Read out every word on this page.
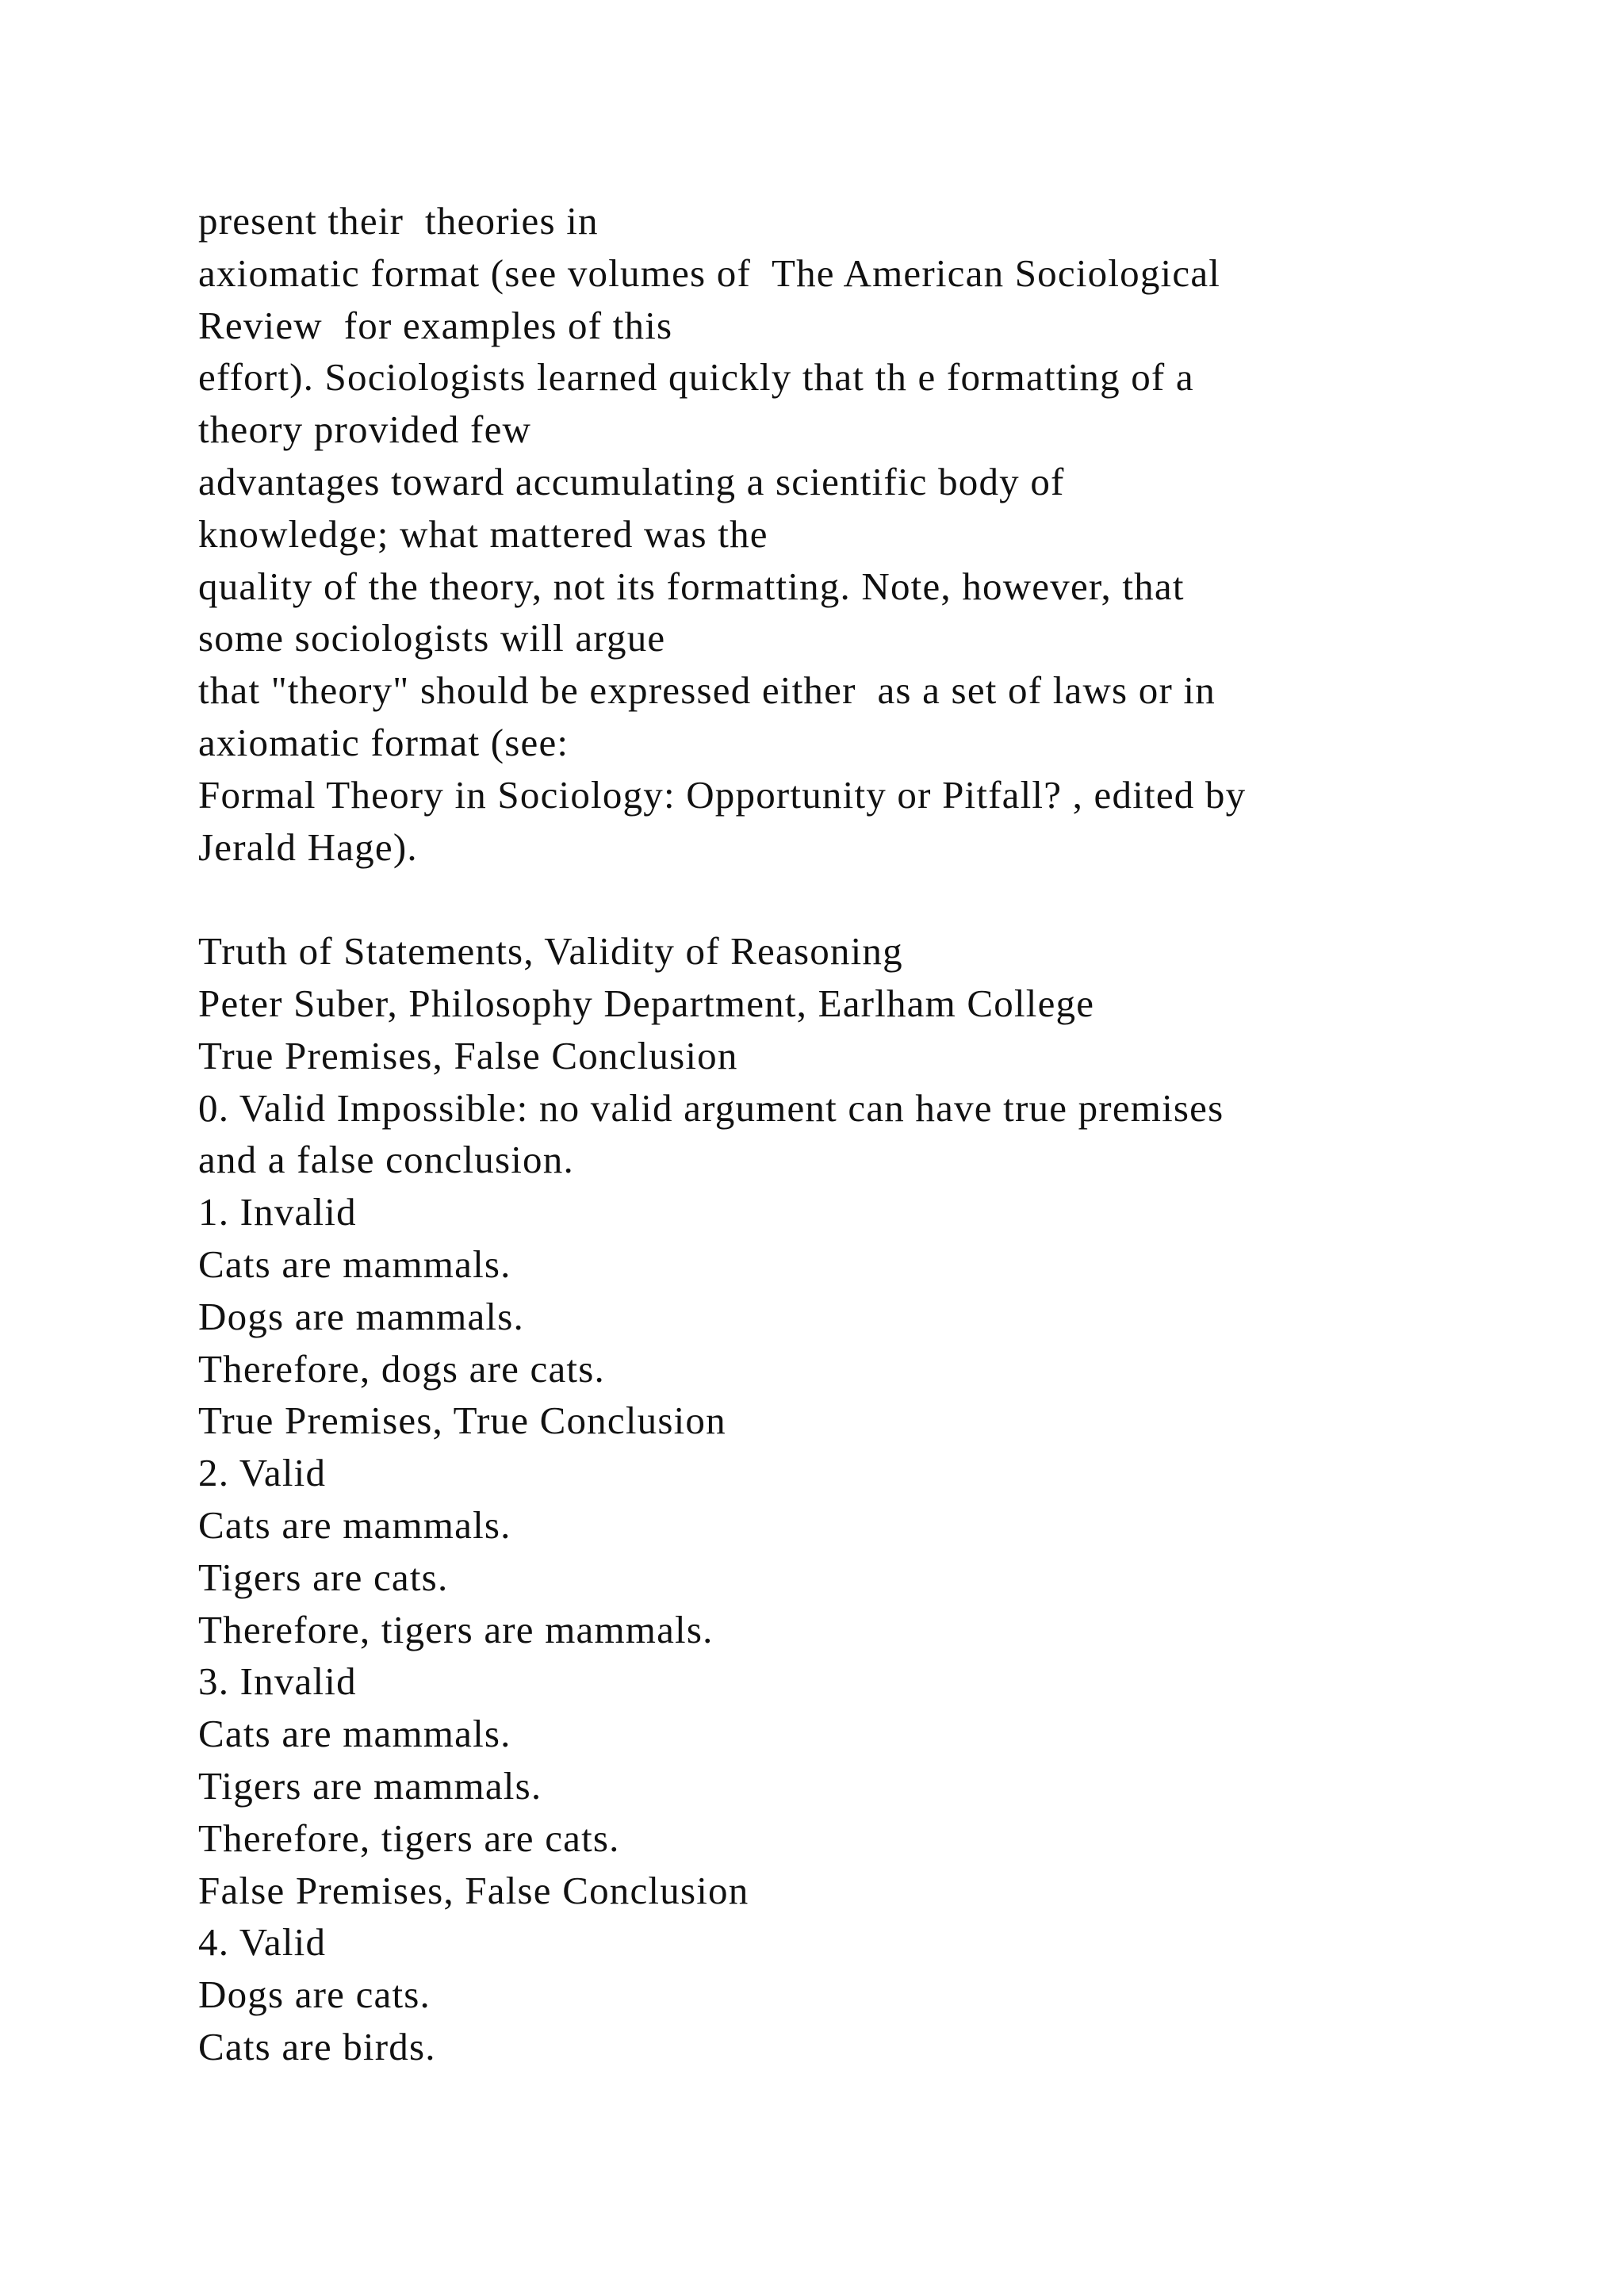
present their  theories in
axiomatic format (see volumes of  The American Sociological
Review  for examples of this
effort). Sociologists learned quickly that th e formatting of a
theory provided few
advantages toward accumulating a scientific body of
knowledge; what mattered was the
quality of the theory, not its formatting. Note, however, that
some sociologists will argue
that "theory" should be expressed either  as a set of laws or in
axiomatic format (see:
Formal Theory in Sociology: Opportunity or Pitfall? , edited by
Jerald Hage).
Truth of Statements, Validity of Reasoning
Peter Suber, Philosophy Department, Earlham College
True Premises, False Conclusion
0. Valid Impossible: no valid argument can have true premises
and a false conclusion.
1. Invalid
Cats are mammals.
Dogs are mammals.
Therefore, dogs are cats.
True Premises, True Conclusion
2. Valid
Cats are mammals.
Tigers are cats.
Therefore, tigers are mammals.
3. Invalid
Cats are mammals.
Tigers are mammals.
Therefore, tigers are cats.
False Premises, False Conclusion
4. Valid
Dogs are cats.
Cats are birds.
